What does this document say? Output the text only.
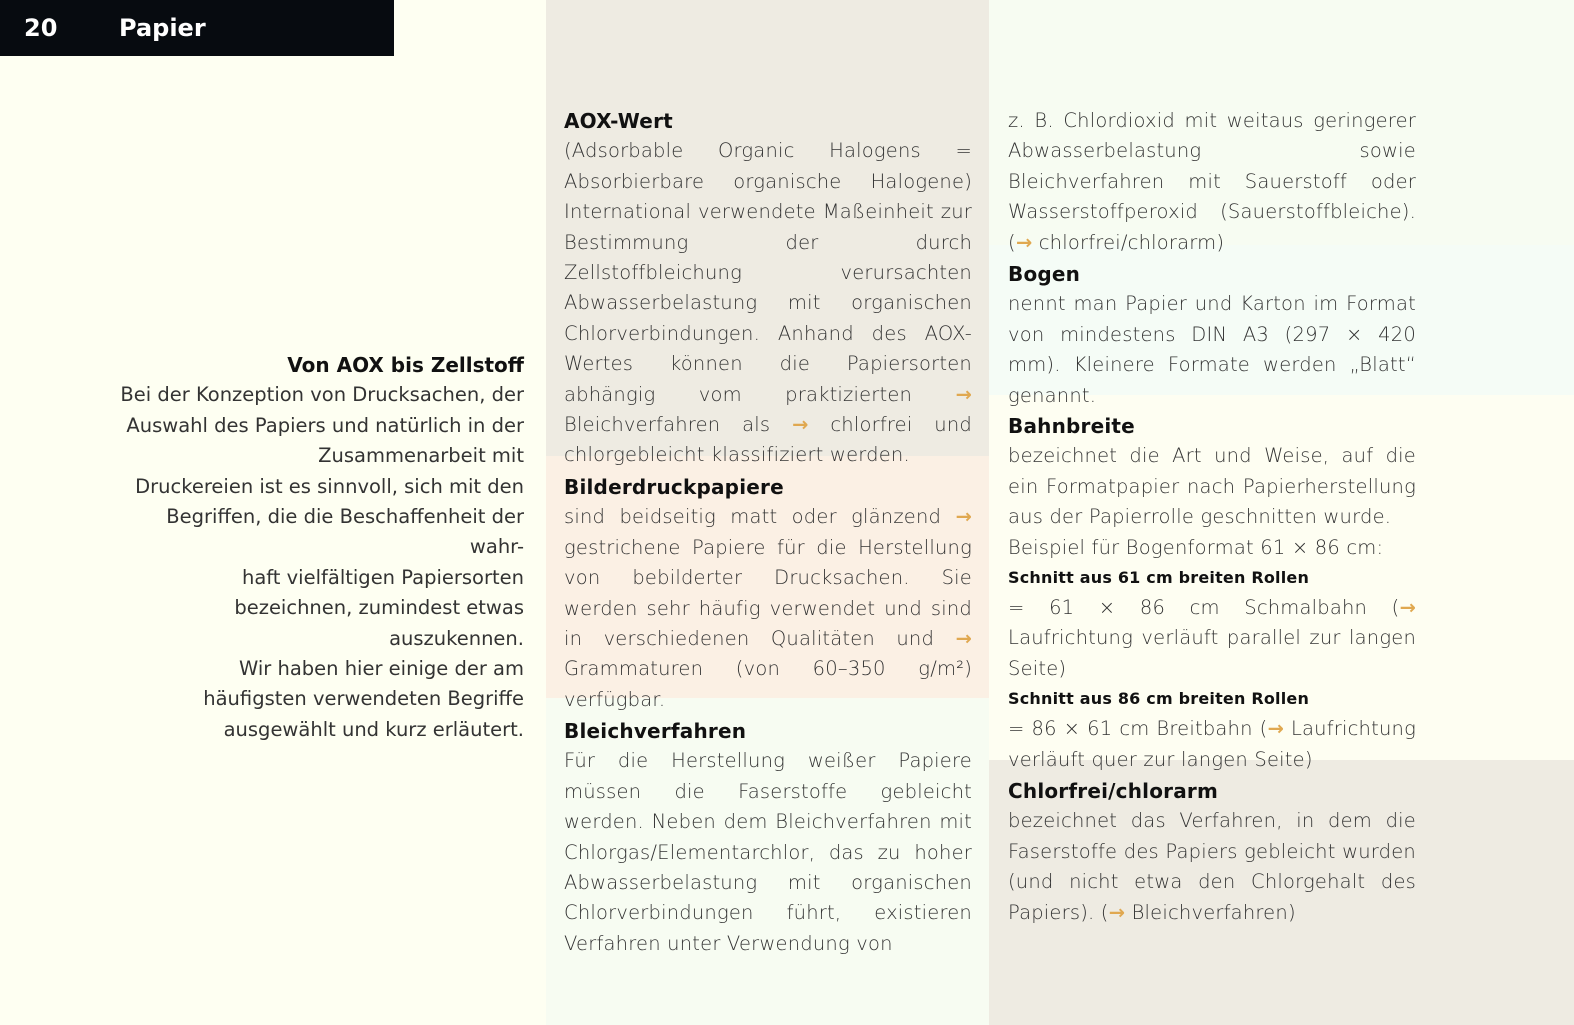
20	Papier
Von AOX bis Zellstoff
Bei der Konzeption von Drucksachen, der
Auswahl des Papiers und natürlich in der
Zusammenarbeit mit
Druckereien ist es sinnvoll, sich mit den
Begriffen, die die Beschaffenheit der wahr-
haft vielfältigen Papiersorten
bezeichnen, zumindest etwas
auszukennen.
Wir haben hier einige der am
häufigsten verwendeten Begriffe
ausgewählt und kurz erläutert.
AOX-Wert
(Adsorbable Organic Halogens = Absorbierbare organische Halogene) International verwendete Maßeinheit zur Bestimmung der durch Zellstoffbleichung verursachten Abwasserbelastung mit organischen Chlorverbindungen. Anhand des AOX-Wertes können die Papiersorten abhängig vom praktizierten → Bleichverfahren als → chlorfrei und chlorgebleicht klassifiziert werden.
Bilderdruckpapiere
sind beidseitig matt oder glänzend → gestrichene Papiere für die Herstellung von bebilderter Drucksachen. Sie werden sehr häufig verwendet und sind in verschiedenen Qualitäten und → Grammaturen (von 60–350 g/m²) verfügbar.
Bleichverfahren
Für die Herstellung weißer Papiere müssen die Faserstoffe gebleicht werden. Neben dem Bleichverfahren mit Chlorgas/Elementarchlor, das zu hoher Abwasserbelastung mit organischen Chlorverbindungen führt, existieren Verfahren unter Verwendung von
z. B. Chlordioxid mit weitaus geringerer Abwasserbelastung sowie Bleichverfahren mit Sauerstoff oder Wasserstoffperoxid (Sauerstoffbleiche). (→ chlorfrei/chlorarm)
Bogen
nennt man Papier und Karton im Format von mindestens DIN A3 (297 × 420 mm). Kleinere Formate werden „Blatt“ genannt.
Bahnbreite
bezeichnet die Art und Weise, auf die ein Formatpapier nach Papierherstellung aus der Papierrolle geschnitten wurde.
Beispiel für Bogenformat 61 × 86 cm:
Schnitt aus 61 cm breiten Rollen
= 61 × 86 cm Schmalbahn (→ Laufrichtung verläuft parallel zur langen Seite)
Schnitt aus 86 cm breiten Rollen
= 86 × 61 cm Breitbahn (→ Laufrichtung verläuft quer zur langen Seite)
Chlorfrei/chlorarm
bezeichnet das Verfahren, in dem die Faserstoffe des Papiers gebleicht wurden (und nicht etwa den Chlorgehalt des Papiers). (→ Bleichverfahren)
